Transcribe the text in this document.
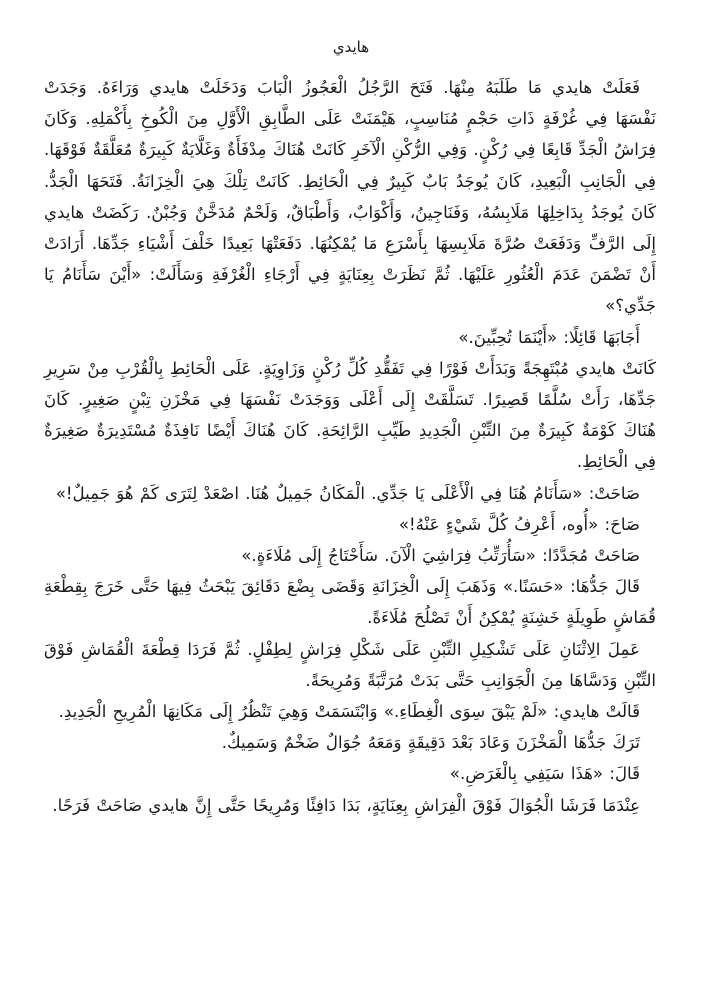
هايدي

فَعَلَتْ هايدي مَا طَلَبَهُ مِنْهَا. فَتَحَ الرَّجُلُ الْعَجُوزُ الْبَابَ وَدَخَلَتْ هايدي وَرَاءَهُ. وَجَدَتْ نَفْسَهَا فِي غُرْفَةٍ ذَاتِ حَجْمٍ مُنَاسِبٍ، هَيْمَنَتْ عَلَى الطَّابِقِ الْأَوَّلِ مِنَ الْكُوخِ بِأَكْمَلِهِ. وَكَانَ فِرَاشُ الْجَدِّ قَابِعًا فِي رُكْنٍ. وَفِي الرُّكْنِ الْآخَرِ كَانَتْ هُنَاكَ مِدْفَأَةٌ وَغَلَّايَةٌ كَبِيرَةٌ مُعَلَّقَةٌ فَوْقَهَا. فِي الْجَانِبِ الْبَعِيدِ، كَانَ يُوجَدُ بَابٌ كَبِيرٌ فِي الْحَائِطِ. كَانَتْ تِلْكَ هِيَ الْخِزَانَةُ. فَتَحَهَا الْجَدُّ. كَانَ يُوجَدُ بِدَاخِلِهَا مَلَابِسُهُ، وَفَنَاجِينُ، وَأَكْوَابٌ، وَأَطْبَاقٌ، وَلَحْمٌ مُدَخَّنٌ وَجُبْنٌ. رَكَضَتْ هايدي إِلَى الرَّفِّ وَدَفَعَتْ صُرَّةَ مَلَابِسِهَا بِأَسْرَعِ مَا يُمْكِنُهَا. دَفَعَتْهَا بَعِيدًا خَلْفَ أَشْيَاءِ جَدِّهَا. أَرَادَتْ أَنْ تَضْمَنَ عَدَمَ الْعُثُورِ عَلَيْهَا. ثُمَّ نَظَرَتْ بِعِنَايَةٍ فِي أَرْجَاءِ الْغُرْفَةِ وَسَأَلَتْ: «أَيْنَ سَأَنَامُ يَا جَدِّي؟»

أَجَابَهَا قَائِلًا: «أَيْنَمَا تُحِبِّينَ.»

كَانَتْ هايدي مُبْتَهِجَةً وَبَدَأَتْ فَوْرًا فِي تَفَقُّدِ كُلِّ رُكْنٍ وَزَاوِيَةٍ. عَلَى الْحَائِطِ بِالْقُرْبِ مِنْ سَرِيرِ جَدِّهَا، رَأَتْ سُلَّمًا قَصِيرًا. تَسَلَّقَتْ إِلَى أَعْلَى وَوَجَدَتْ نَفْسَهَا فِي مَخْزَنِ تِبْنٍ صَغِيرٍ. كَانَ هُنَاكَ كَوْمَةٌ كَبِيرَةٌ مِنَ التِّبْنِ الْجَدِيدِ طَيِّبِ الرَّائِحَةِ. كَانَ هُنَاكَ أَيْضًا نَافِذَةٌ مُسْتَدِيرَةٌ صَغِيرَةٌ فِي الْحَائِطِ.

صَاحَتْ: «سَأَنَامُ هُنَا فِي الْأَعْلَى يَا جَدِّي. الْمَكَانُ جَمِيلٌ هُنَا. اصْعَدْ لِتَرَى كَمْ هُوَ جَمِيلٌ!»

صَاحَ: «أُوه، أَعْرِفُ كُلَّ شَيْءٍ عَنْهُ!»

صَاحَتْ مُجَدَّدًا: «سَأُرَتِّبُ فِرَاشِيَ الْآنَ. سَأَحْتَاجُ إِلَى مُلَاءَةٍ.»

قَالَ جَدُّهَا: «حَسَنًا.» وَذَهَبَ إِلَى الْخِزَانَةِ وَقَضَى بِضْعَ دَقَائِقَ يَبْحَثُ فِيهَا حَتَّى خَرَجَ بِقِطْعَةِ قُمَاشٍ طَوِيلَةٍ خَشِنَةٍ يُمْكِنُ أَنْ تَصْلُحَ مُلَاءَةً.

عَمِلَ الِاثْنَانِ عَلَى تَشْكِيلِ التِّبْنِ عَلَى شَكْلِ فِرَاشٍ لِطِفْلٍ. ثُمَّ فَرَدَا قِطْعَةَ الْقُمَاشِ فَوْقَ التِّبْنِ وَدَسَّاهَا مِنَ الْجَوَانِبِ حَتَّى بَدَتْ مُرَتَّبَةً وَمُرِيحَةً.

قَالَتْ هايدي: «لَمْ يَبْقَ سِوَى الْغِطَاءِ.» وَابْتَسَمَتْ وَهِيَ تَنْظُرُ إِلَى مَكَانِهَا الْمُرِيحِ الْجَدِيدِ.

تَرَكَ جَدُّهَا الْمَخْزَنَ وَعَادَ بَعْدَ دَقِيقَةٍ وَمَعَهُ جُوَالٌ ضَخْمٌ وَسَمِيكٌ.

قَالَ: «هَذَا سَيَفِي بِالْغَرَضِ.»

عِنْدَمَا فَرَشَا الْجُوَالَ فَوْقَ الْفِرَاشِ بِعِنَايَةٍ، بَدَا دَافِئًا وَمُرِيحًا حَتَّى إِنَّ هايدي صَاحَتْ فَرَحًا.
